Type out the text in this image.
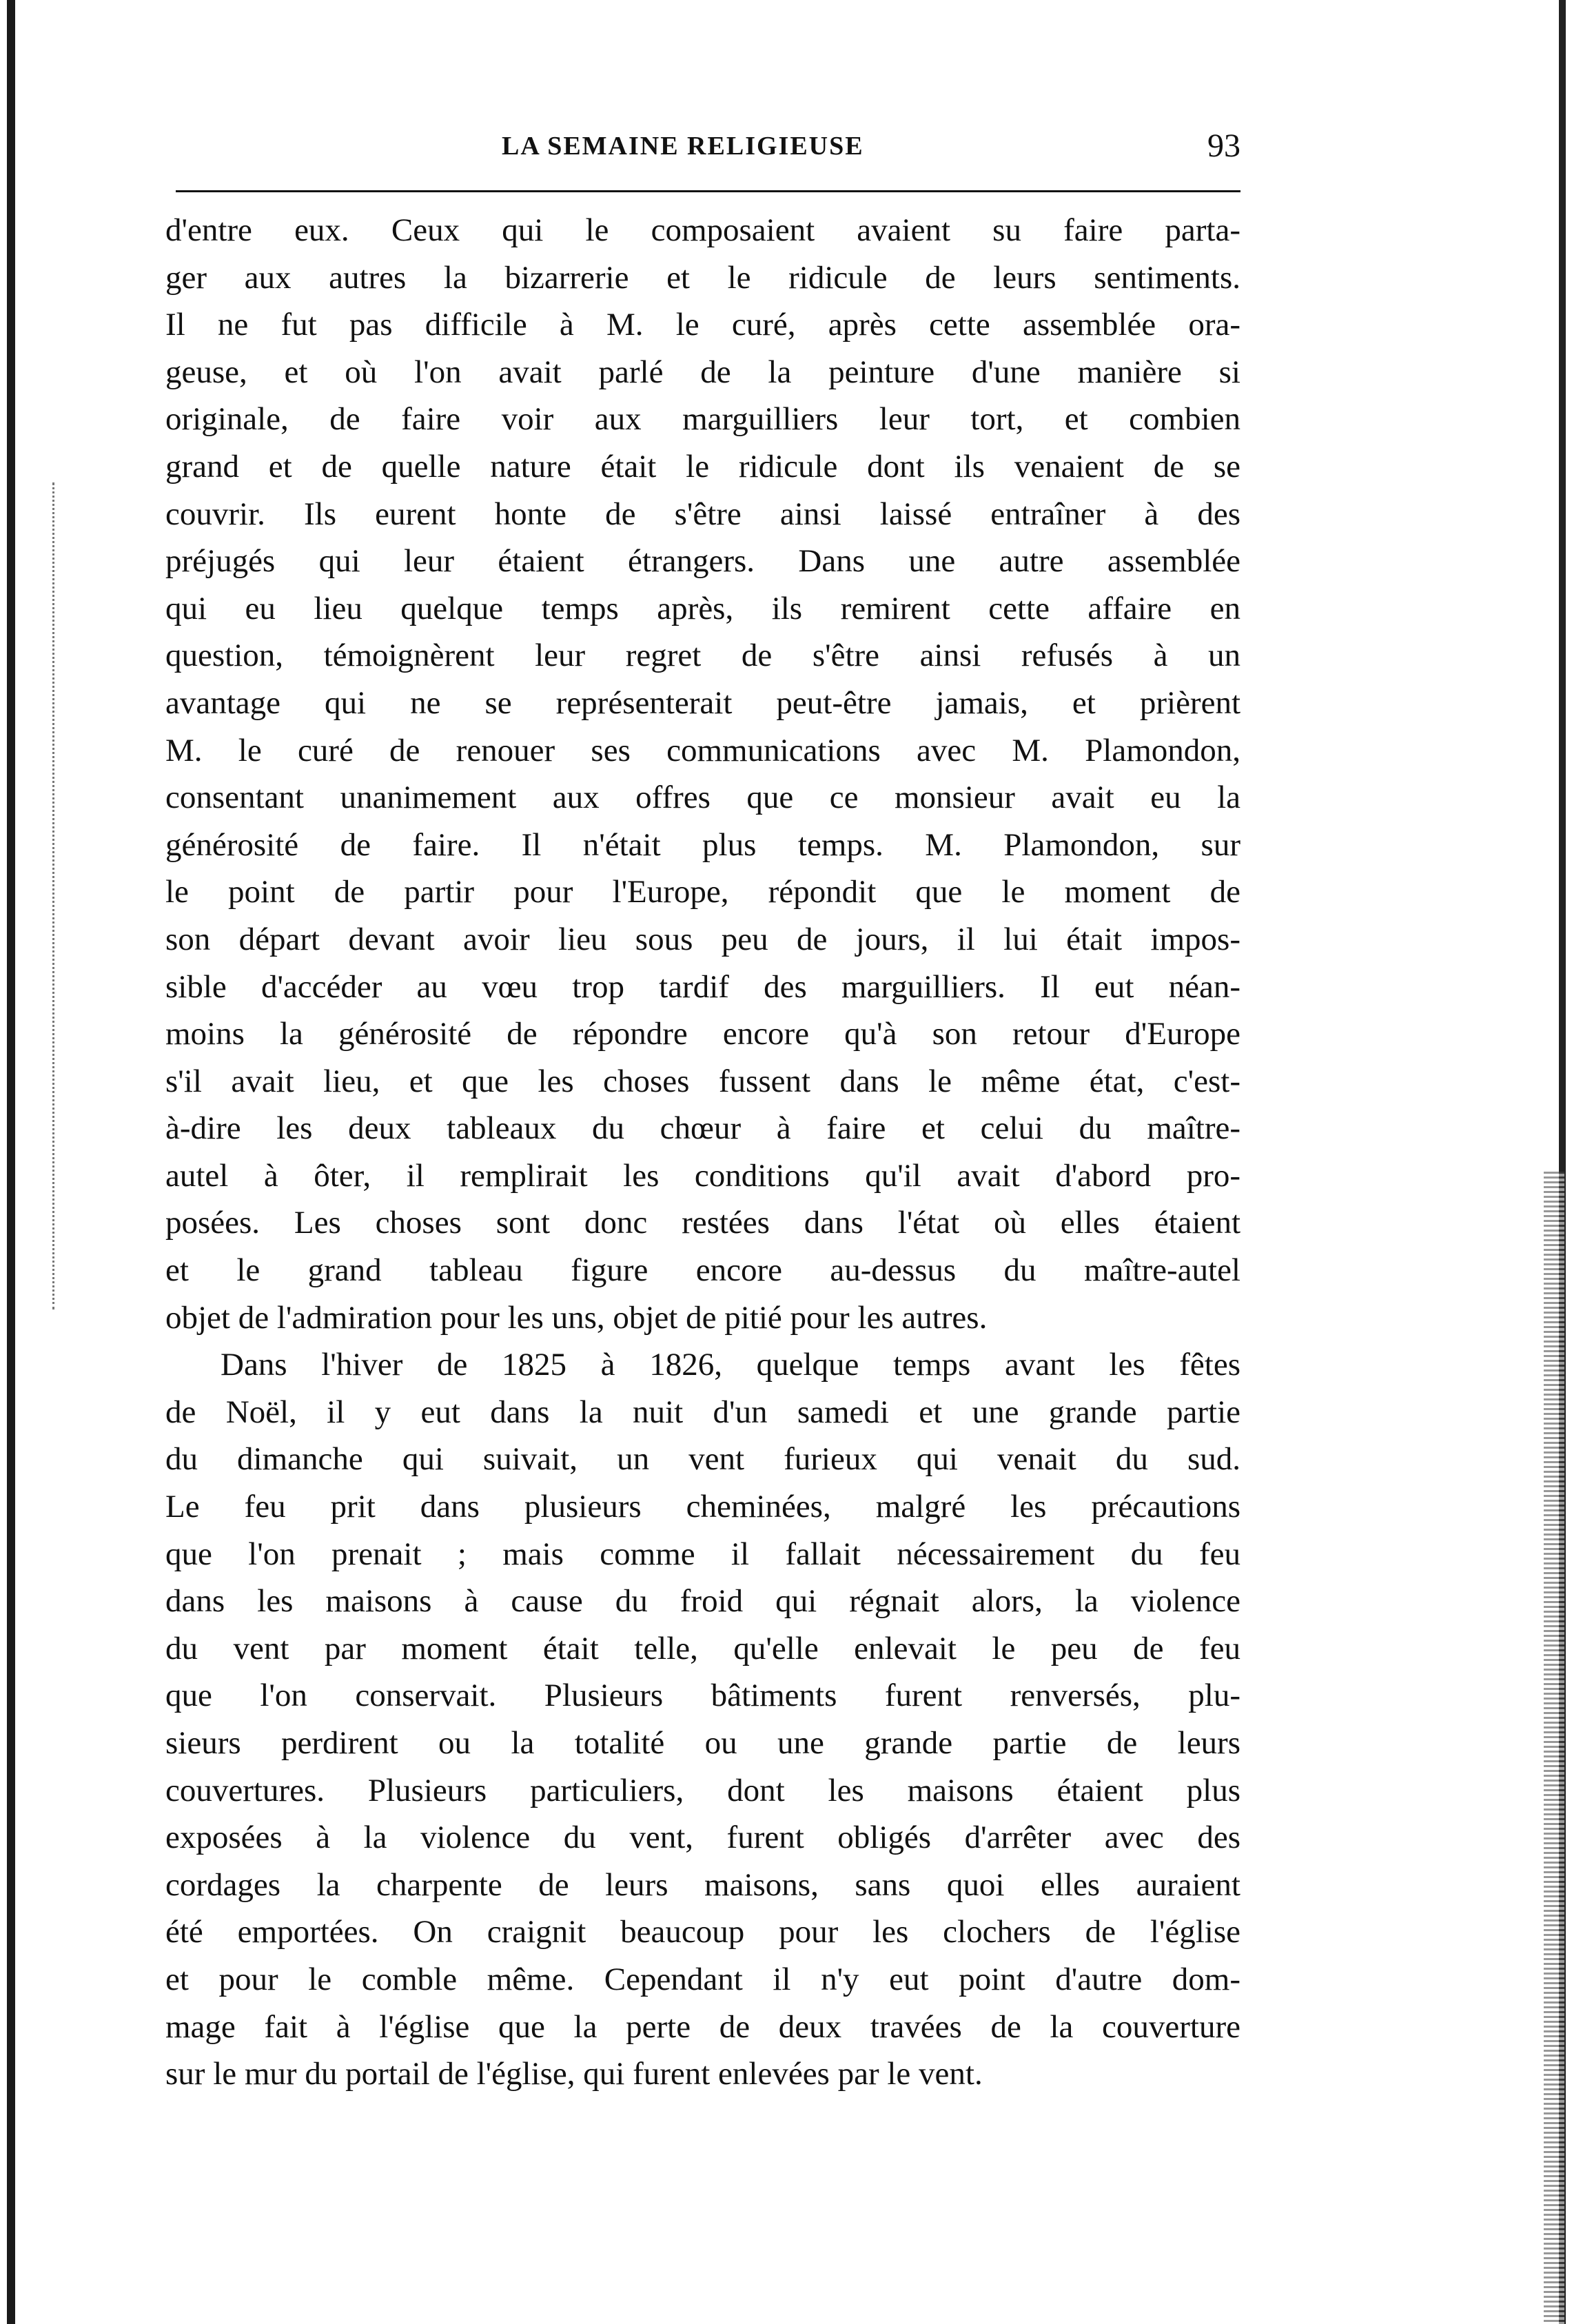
LA SEMAINE RELIGIEUSE	93
d'entre eux. Ceux qui le composaient avaient su faire parta-
ger aux autres la bizarrerie et le ridicule de leurs sentiments.
Il ne fut pas difficile à M. le curé, après cette assemblée ora-
geuse, et où l'on avait parlé de la peinture d'une manière si
originale, de faire voir aux marguilliers leur tort, et combien
grand et de quelle nature était le ridicule dont ils venaient de se
couvrir. Ils eurent honte de s'être ainsi laissé entraîner à des
préjugés qui leur étaient étrangers. Dans une autre assemblée
qui eu lieu quelque temps après, ils remirent cette affaire en
question, témoignèrent leur regret de s'être ainsi refusés à un
avantage qui ne se représenterait peut-être jamais, et prièrent
M. le curé de renouer ses communications avec M. Plamondon,
consentant unanimement aux offres que ce monsieur avait eu la
générosité de faire. Il n'était plus temps. M. Plamondon, sur
le point de partir pour l'Europe, répondit que le moment de
son départ devant avoir lieu sous peu de jours, il lui était impos-
sible d'accéder au vœu trop tardif des marguilliers. Il eut néan-
moins la générosité de répondre encore qu'à son retour d'Europe
s'il avait lieu, et que les choses fussent dans le même état, c'est-
à-dire les deux tableaux du chœur à faire et celui du maître-
autel à ôter, il remplirait les conditions qu'il avait d'abord pro-
posées. Les choses sont donc restées dans l'état où elles étaient
et le grand tableau figure encore au-dessus du maître-autel
objet de l'admiration pour les uns, objet de pitié pour les autres.
Dans l'hiver de 1825 à 1826, quelque temps avant les fêtes
de Noël, il y eut dans la nuit d'un samedi et une grande partie
du dimanche qui suivait, un vent furieux qui venait du sud.
Le feu prit dans plusieurs cheminées, malgré les précautions
que l'on prenait ; mais comme il fallait nécessairement du feu
dans les maisons à cause du froid qui régnait alors, la violence
du vent par moment était telle, qu'elle enlevait le peu de feu
que l'on conservait. Plusieurs bâtiments furent renversés, plu-
sieurs perdirent ou la totalité ou une grande partie de leurs
couvertures. Plusieurs particuliers, dont les maisons étaient plus
exposées à la violence du vent, furent obligés d'arrêter avec des
cordages la charpente de leurs maisons, sans quoi elles auraient
été emportées. On craignit beaucoup pour les clochers de l'église
et pour le comble même. Cependant il n'y eut point d'autre dom-
mage fait à l'église que la perte de deux travées de la couverture
sur le mur du portail de l'église, qui furent enlevées par le vent.
